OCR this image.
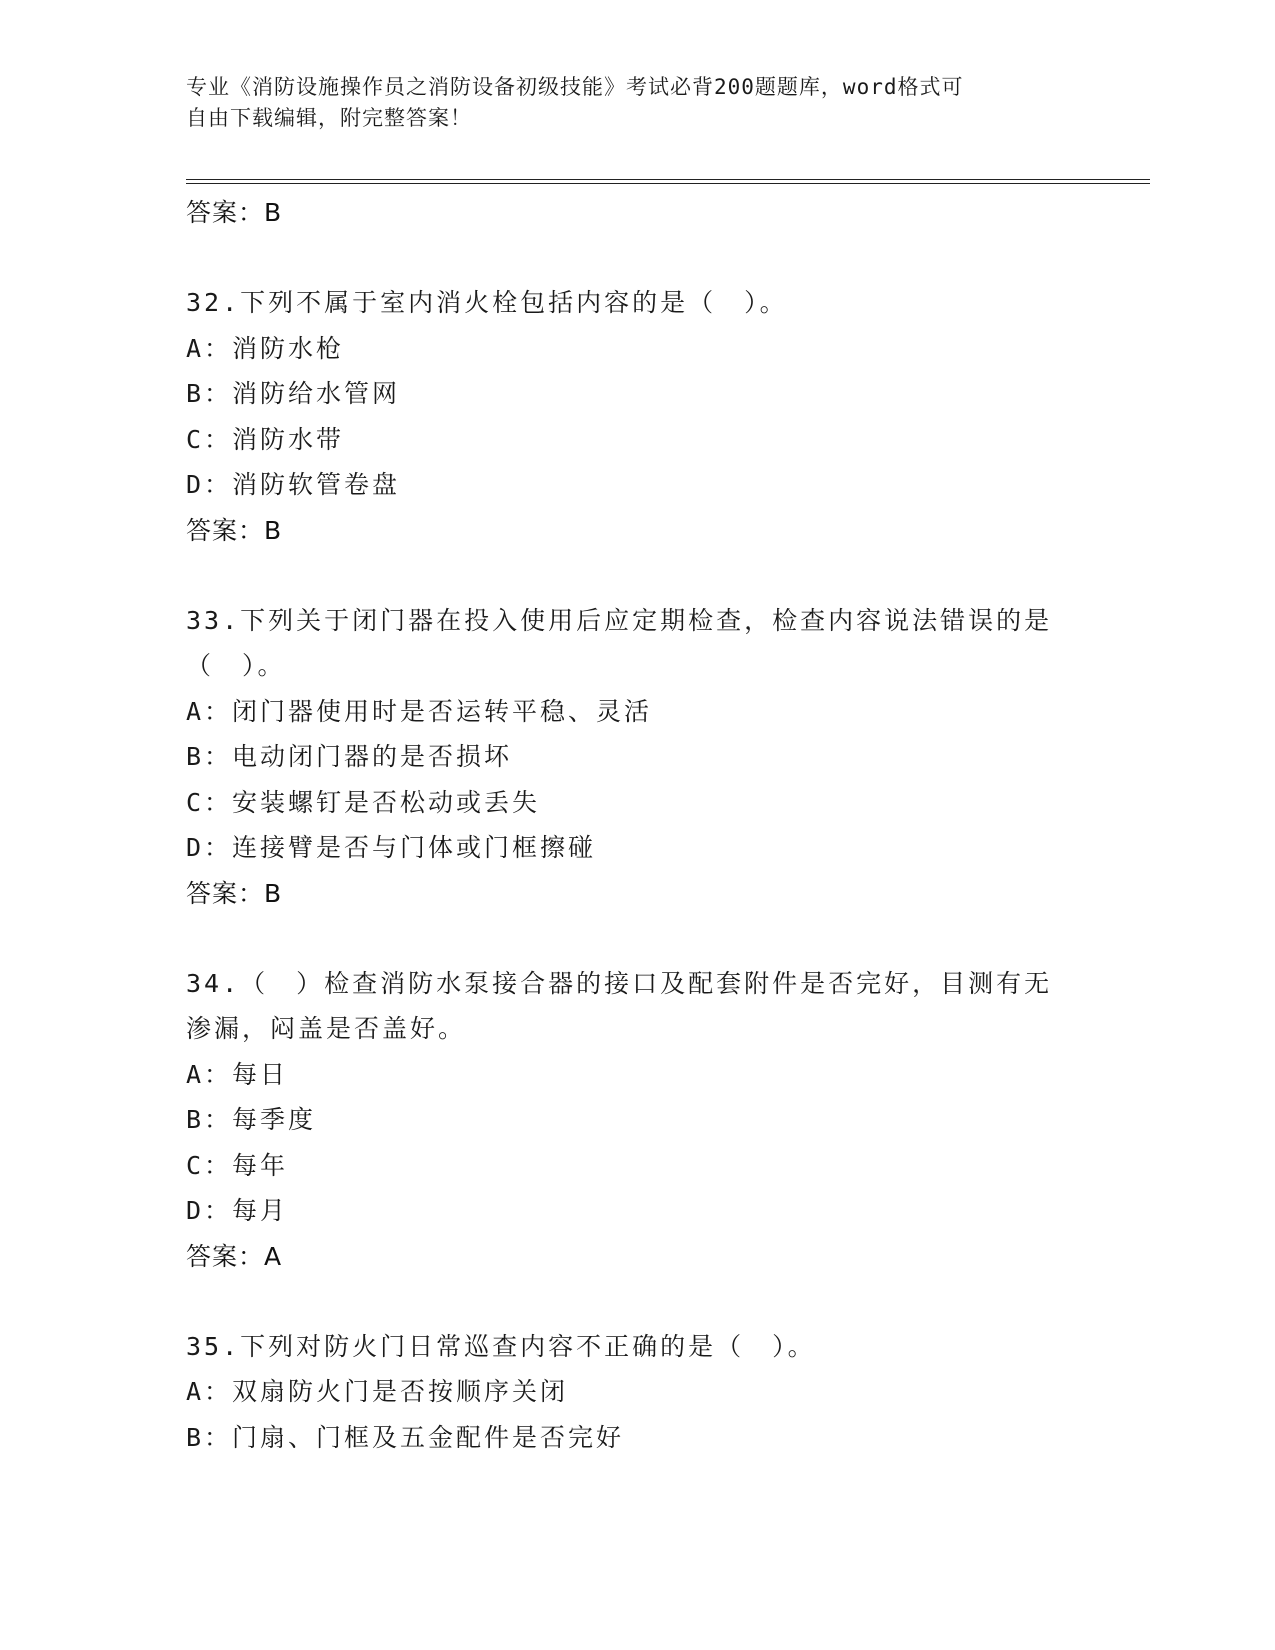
专业《消防设施操作员之消防设备初级技能》考试必背200题题库，word格式可
自由下载编辑，附完整答案！
答案：B
32.下列不属于室内消火栓包括内容的是（　）。
A：消防水枪
B：消防给水管网
C：消防水带
D：消防软管卷盘
答案：B
33.下列关于闭门器在投入使用后应定期检查，检查内容说法错误的是（　）。
A：闭门器使用时是否运转平稳、灵活
B：电动闭门器的是否损坏
C：安装螺钉是否松动或丢失
D：连接臂是否与门体或门框擦碰
答案：B
34.（　）检查消防水泵接合器的接口及配套附件是否完好，目测有无渗漏，闷盖是否盖好。
A：每日
B：每季度
C：每年
D：每月
答案：A
35.下列对防火门日常巡查内容不正确的是（　）。
A：双扇防火门是否按顺序关闭
B：门扇、门框及五金配件是否完好
